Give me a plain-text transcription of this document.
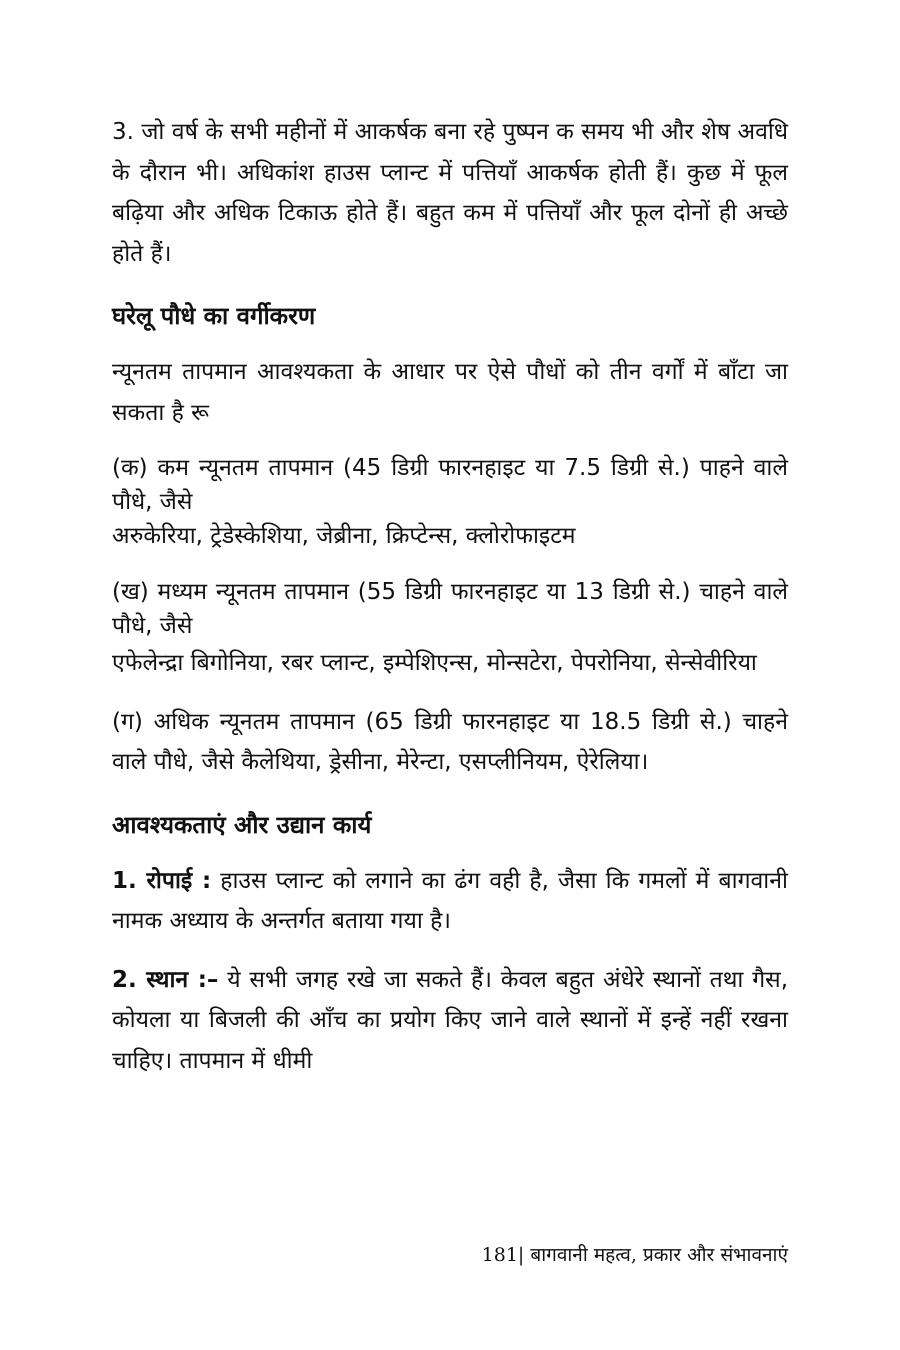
3. जो वर्ष के सभी महीनों में आकर्षक बना रहे पुष्पन क समय भी और शेष अवधि के दौरान भी। अधिकांश हाउस प्लान्ट में पत्तियाँ आकर्षक होती हैं। कुछ में फूल बढ़िया और अधिक टिकाऊ होते हैं। बहुत कम में पत्तियाँ और फूल दोनों ही अच्छे होते हैं।

घरेलू पौधे का वर्गीकरण

न्यूनतम तापमान आवश्यकता के आधार पर ऐसे पौधों को तीन वर्गों में बाँटा जा सकता है रू

(क) कम न्यूनतम तापमान (45 डिग्री फारनहाइट या 7.5 डिग्री से.) पाहने वाले पौधे, जैसे

अरुकेरिया, ट्रेडेस्केशिया, जेब्रीना, क्रिप्टेन्स, क्लोरोफाइटम

(ख) मध्यम न्यूनतम तापमान (55 डिग्री फारनहाइट या 13 डिग्री से.) चाहने वाले पौधे, जैसे

एफेलेन्द्रा बिगोनिया, रबर प्लान्ट, इम्पेशिएन्स, मोन्सटेरा, पेपरोनिया, सेन्सेवीरिया

(ग) अधिक न्यूनतम तापमान (65 डिग्री फारनहाइट या 18.5 डिग्री से.) चाहने वाले पौधे, जैसे कैलेथिया, ड्रेसीना, मेरेन्टा, एसप्लीनियम, ऐरेलिया।

आवश्यकताएं और उद्यान कार्य

1. रोपाई : हाउस प्लान्ट को लगाने का ढंग वही है, जैसा कि गमलों में बागवानी नामक अध्याय के अन्तर्गत बताया गया है।

2. स्थान :– ये सभी जगह रखे जा सकते हैं। केवल बहुत अंधेरे स्थानों तथा गैस, कोयला या बिजली की आँच का प्रयोग किए जाने वाले स्थानों में इन्हें नहीं रखना चाहिए। तापमान में धीमी

181| बागवानी महत्व, प्रकार और संभावनाएं
